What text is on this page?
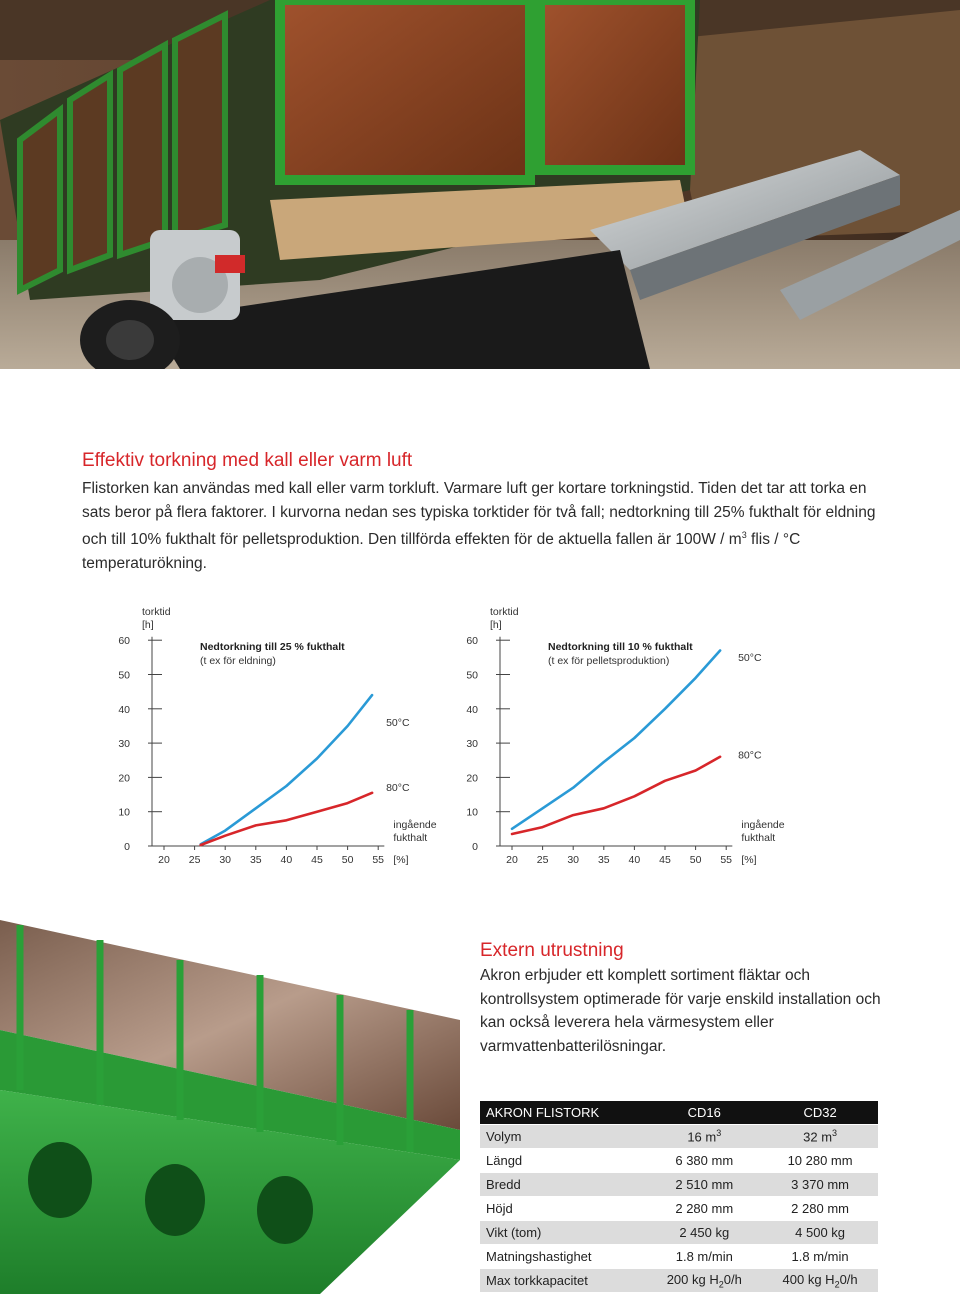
Effektiv torkning med kall eller varm luft

Flistorken kan användas med kall eller varm torkluft. Varmare luft ger kortare torkningstid. Tiden det tar att torka en sats beror på flera faktorer. I kurvorna nedan ses typiska torktider för två fall; nedtorkning till 25% fukthalt för eldning och till 10% fukthalt för pelletsproduktion. Den tillförda effekten för de aktuella fallen är $100W / m^3$ flis / °C temperaturökning.

torktid
[h]
0
10
20
30
40
50
60
20 25 30 35 40 45 50 55 [%]
ingående
fukthalt
Nedtorkning till 25 % fukthalt
(t ex för eldning)
50°C
80°C
torktid
[h]
0
10
20
30
40
50
60
20 25 30 35 40 45 50 55 [%]
ingående
fukthalt
Nedtorkning till 10 % fukthalt
(t ex för pelletsproduktion)	50°C
80°C
Extern utrustning

Akron erbjuder ett komplett sortiment fläktar och kontrollsystem optimerade för varje enskild installation och kan också leverera hela värmesystem eller varmvattenbatterilösningar.

AKRON FLISTORK	CD16	CD32
Volym	16 $m^3$	32 $m^3$
Längd	6 380 mm	10 280 mm
Bredd	2 510 mm	3 370 mm
Höjd	2 280 mm	2 280 mm
Vikt (tom)	2 450 kg	4 500 kg
Matningshastighet	1.8 m/min	1.8 m/min
Max torkkapacitet	200 kg $H_20/h$	400 kg $H_20/h$
